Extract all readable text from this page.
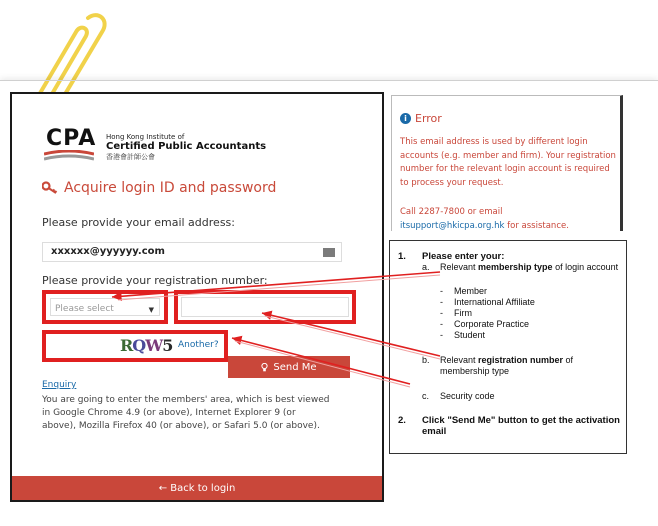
CPA Hong Kong Institute of
Certified Public Accountants
香港會計師公會
Acquire login ID and password
Please provide your email address:
xxxxxx@yyyyyy.com
Please provide your registration number:
Please select	▼
RQW5 Another?
Send Me
Enquiry
You are going to enter the members' area, which is best viewed in Google Chrome 4.9 (or above), Internet Explorer 9 (or above), Mozilla Firefox 40 (or above), or Safari 5.0 (or above).
← Back to login
i Error
This email address is used by different login accounts (e.g. member and firm). Your registration number for the relevant login account is required to process your request.
Call 2287-7800 or email
itsupport@hkicpa.org.hk for assistance.
1. Please enter your:
a. Relevant membership type of login account
- Member
- International Affiliate
- Firm
- Corporate Practice
- Student
b. Relevant registration number of membership type
c. Security code
2. Click "Send Me" button to get the activation email
